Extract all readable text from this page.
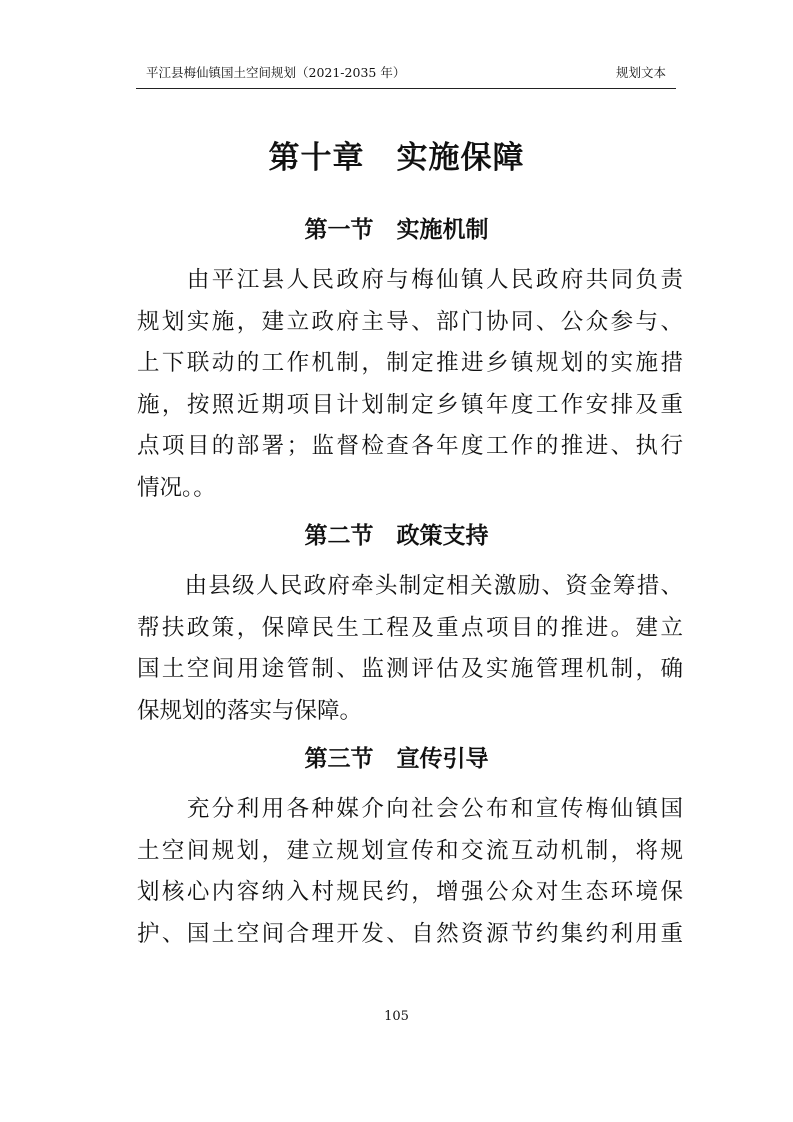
平江县梅仙镇国土空间规划（2021-2035 年）	规划文本
第十章　实施保障
第一节　实施机制
　　由平江县人民政府与梅仙镇人民政府共同负责
规划实施，建立政府主导、部门协同、公众参与、
上下联动的工作机制，制定推进乡镇规划的实施措
施，按照近期项目计划制定乡镇年度工作安排及重
点项目的部署；监督检查各年度工作的推进、执行
情况。。
第二节　政策支持
　　由县级人民政府牵头制定相关激励、资金筹措、
帮扶政策，保障民生工程及重点项目的推进。建立
国土空间用途管制、监测评估及实施管理机制，确
保规划的落实与保障。
第三节　宣传引导
　　充分利用各种媒介向社会公布和宣传梅仙镇国
土空间规划，建立规划宣传和交流互动机制，将规
划核心内容纳入村规民约，增强公众对生态环境保
护、国土空间合理开发、自然资源节约集约利用重
105
